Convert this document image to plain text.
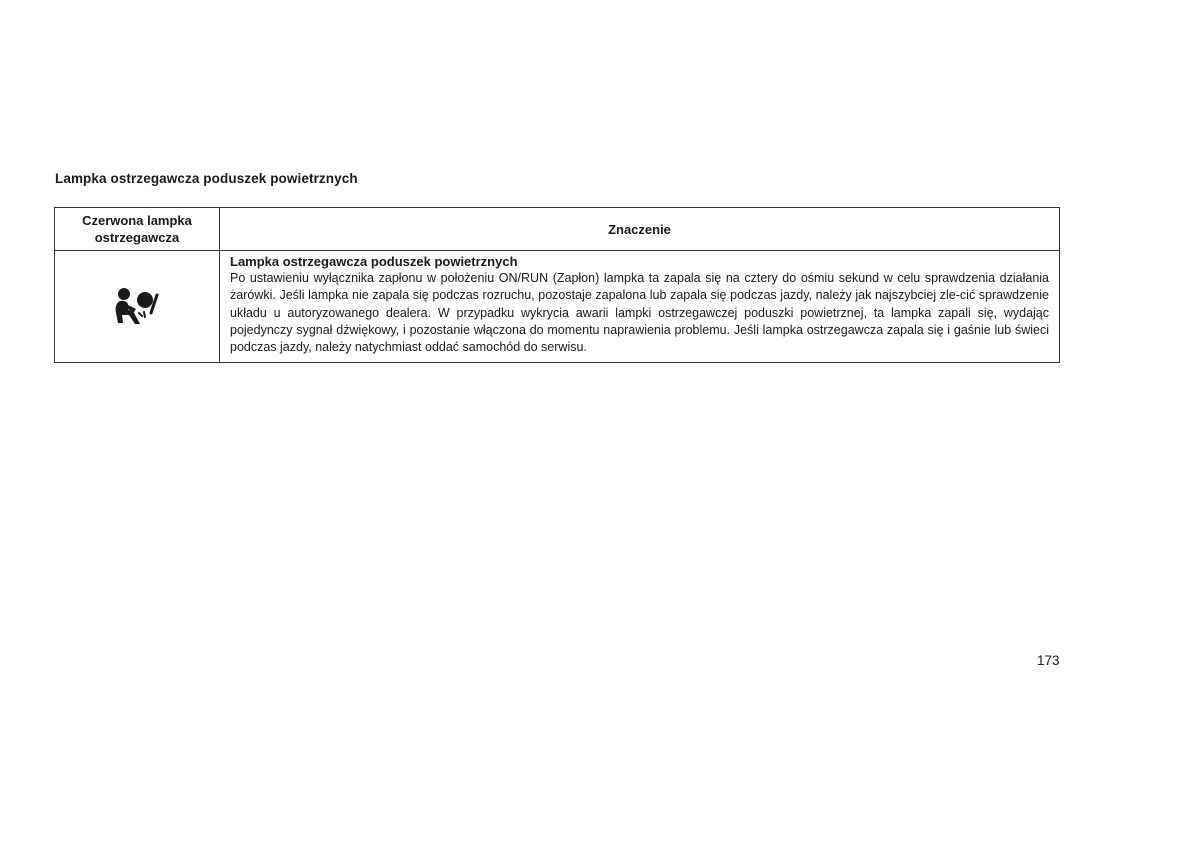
Lampka ostrzegawcza poduszek powietrznych
Czerwona lampka ostrzegawcza	Znaczenie

Lampka ostrzegawcza poduszek powietrznych
Po ustawieniu wyłącznika zapłonu w położeniu ON/RUN (Zapłon) lampka ta zapala się na cztery do ośmiu sekund w celu sprawdzenia działania żarówki. Jeśli lampka nie zapala się podczas rozruchu, pozostaje zapalona lub zapala się podczas jazdy, należy jak najszybciej zle-cić sprawdzenie układu u autoryzowanego dealera. W przypadku wykrycia awarii lampki ostrzegawczej poduszki powietrznej, ta lampka zapali się, wydając pojedynczy sygnał dźwiękowy, i pozostanie włączona do momentu naprawienia problemu. Jeśli lampka ostrzegawcza zapala się i gaśnie lub świeci podczas jazdy, należy natychmiast oddać samochód do serwisu.
173
